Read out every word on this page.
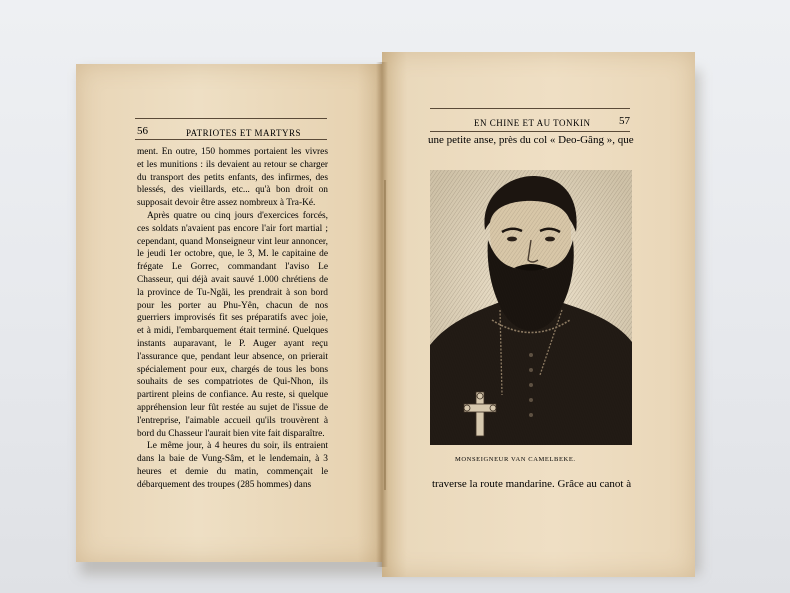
56	PATRIOTES ET MARTYRS

ment. En outre, 150 hommes portaient les vivres et les munitions : ils devaient au retour se charger du transport des petits enfants, des infirmes, des blessés, des vieillards, etc... qu'à bon droit on supposait devoir être assez nombreux à Tra-Ké.

Après quatre ou cinq jours d'exercices forcés, ces soldats n'avaient pas encore l'air fort martial ; cependant, quand Monseigneur vint leur annoncer, le jeudi 1er octobre, que, le 3, M. le capitaine de frégate Le Gorrec, commandant l'aviso Le Chasseur, qui déjà avait sauvé 1.000 chrétiens de la province de Tu-Ngãi, les prendrait à son bord pour les porter au Phu-Yên, chacun de nos guerriers improvisés fit ses préparatifs avec joie, et à midi, l'embarquement était terminé. Quelques instants auparavant, le P. Auger ayant reçu l'assurance que, pendant leur absence, on prierait spécialement pour eux, chargés de tous les bons souhaits de ses compatriotes de Qui-Nhon, ils partirent pleins de confiance. Au reste, si quelque appréhension leur fût restée au sujet de l'issue de l'entreprise, l'aimable accueil qu'ils trouvèrent à bord du Chasseur l'aurait bien vite fait disparaître.

Le même jour, à 4 heures du soir, ils entraient dans la baie de Vung-Sâm, et le lendemain, à 3 heures et demie du matin, commençait le débarquement des troupes (285 hommes) dans

EN CHINE ET AU TONKIN	57
une petite anse, près du col « Deo-Gâng », que
MONSEIGNEUR VAN CAMELBEKE.
traverse la route mandarine. Grâce au canot à
